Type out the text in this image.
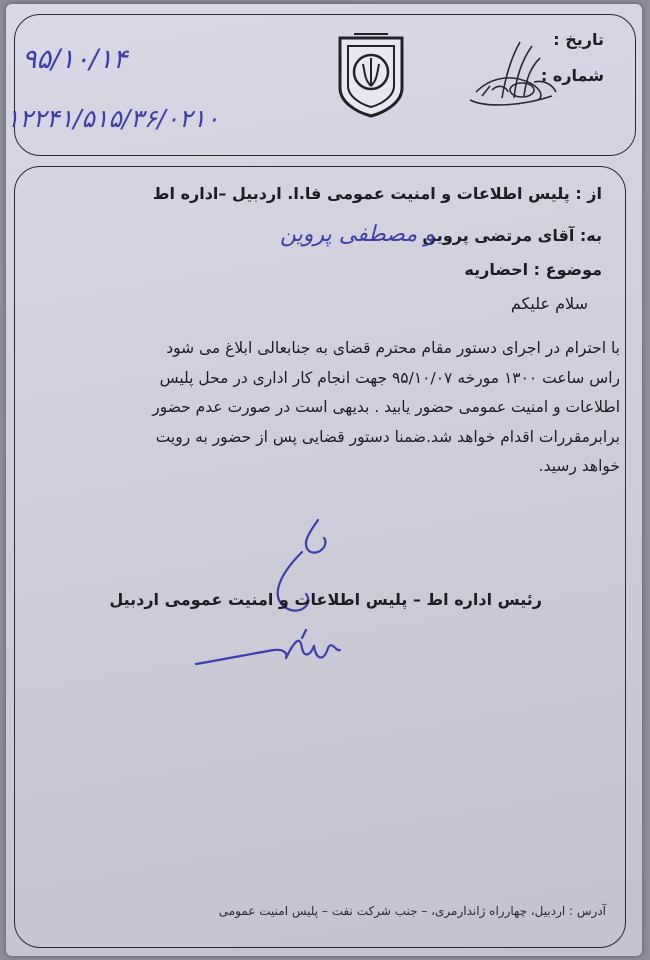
تاریخ :
شماره :
۹۵/۱۰/۱۴
۱۲۲۴۱/۵۱۵/۳۶/۰۲۱۰
از : پلیس اطلاعات و امنیت عمومی فا.ا. اردبیل –اداره اط
به: آقای مرتضی پروین
و مصطفی پروین
موضوع : احضاریه
سلام علیکم
با احترام در اجرای دستور مقام محترم قضای به جنابعالی ابلاغ می شود
راس ساعت ۱۳۰۰ مورخه ۹۵/۱۰/۰۷ جهت انجام کار اداری در محل پلیس
اطلاعات و امنیت عمومی حضور یابید . بدیهی است در صورت عدم حضور
برابرمقررات اقدام خواهد شد.ضمنا دستور قضایی پس از حضور به رویت
خواهد رسید.
رئیس اداره اط – پلیس اطلاعات و امنیت عمومی اردبیل
آدرس : اردبیل، چهارراه ژاندارمری، – جنب شرکت نفت – پلیس امنیت عمومی
